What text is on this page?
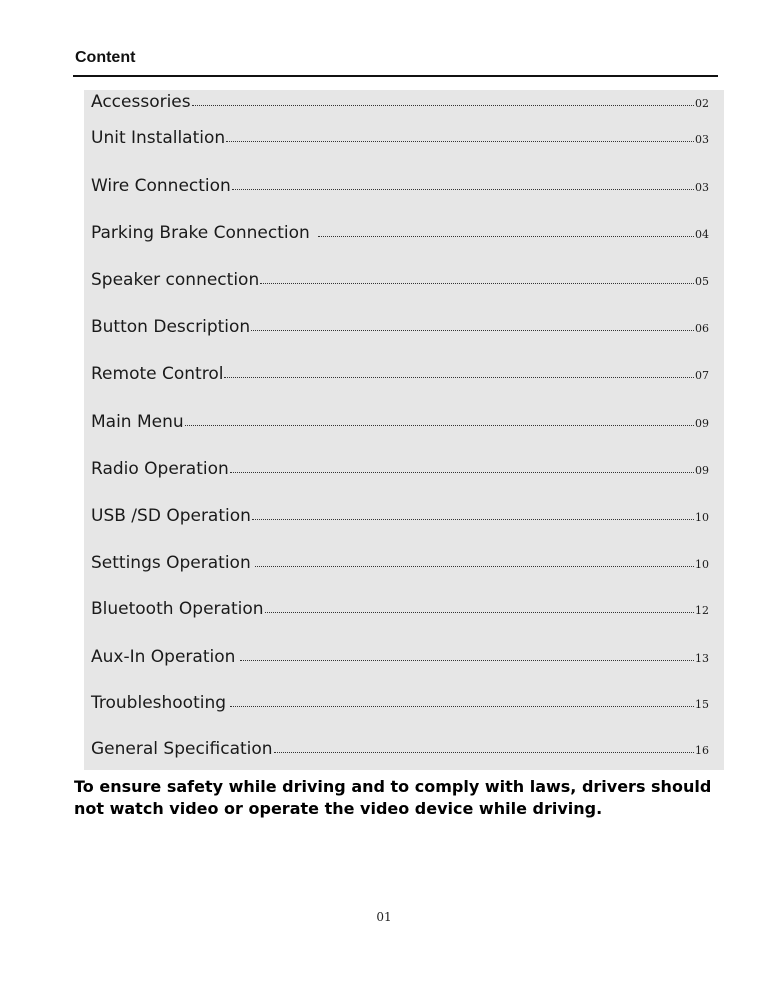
Content
Accessories	02
Unit Installation	03
Wire Connection	03
Parking Brake Connection	04
Speaker connection	05
Button Description	06
Remote Control	07
Main Menu	09
Radio Operation	09
USB /SD Operation	10
Settings Operation	10
Bluetooth Operation	12
Aux-In Operation	13
Troubleshooting	15
General Specification	16
To ensure safety while driving and to comply with laws, drivers should not watch video or operate the video device while driving.
01
